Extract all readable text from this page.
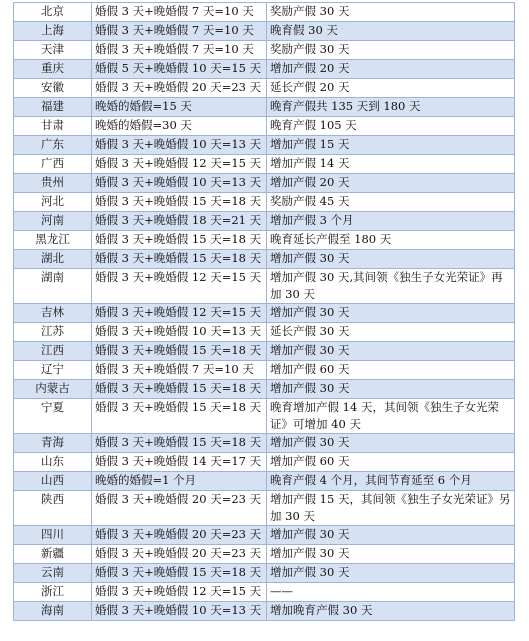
北京	婚假 3 天+晚婚假 7 天=10 天	奖励产假 30 天
上海	婚假 3 天+晚婚假 7 天=10 天	晚育假 30 天
天津	婚假 3 天+晚婚假 7 天=10 天	奖励产假 30 天
重庆	婚假 5 天+晚婚假 10 天=15 天	增加产假 20 天
安徽	婚假 3 天+晚婚假 20 天=23 天	延长产假 20 天
福建	晚婚的婚假=15 天	晚育产假共 135 天到 180 天
甘肃	晚婚的婚假=30 天	晚育产假 105 天
广东	婚假 3 天+晚婚假 10 天=13 天	增加产假 15 天
广西	婚假 3 天+晚婚假 12 天=15 天	增加产假 14 天
贵州	婚假 3 天+晚婚假 10 天=13 天	增加产假 20 天
河北	婚假 3 天+晚婚假 15 天=18 天	奖励产假 45 天
河南	婚假 3 天+晚婚假 18 天=21 天	增加产假 3 个月
黑龙江	婚假 3 天+晚婚假 15 天=18 天	晚育延长产假至 180 天
湖北	婚假 3 天+晚婚假 15 天=18 天	增加产假 30 天
湖南	婚假 3 天+晚婚假 12 天=15 天	增加产假 30 天,其间领《独生子女光荣证》再加 30 天
吉林	婚假 3 天+晚婚假 12 天=15 天	增加产假 30 天
江苏	婚假 3 天+晚婚假 10 天=13 天	延长产假 30 天
江西	婚假 3 天+晚婚假 15 天=18 天	增加产假 30 天
辽宁	婚假 3 天+晚婚假 7 天=10 天	增加产假 60 天
内蒙古	婚假 3 天+晚婚假 15 天=18 天	增加产假 30 天
宁夏	婚假 3 天+晚婚假 15 天=18 天	晚育增加产假 14 天，其间领《独生子女光荣证》可增加 40 天
青海	婚假 3 天+晚婚假 15 天=18 天	增加产假 30 天
山东	婚假 3 天+晚婚假 14 天=17 天	增加产假 60 天
山西	晚婚的婚假=1 个月	晚育产假 4 个月，其间节育延至 6 个月
陕西	婚假 3 天+晚婚假 20 天=23 天	增加产假 15 天，其间领《独生子女光荣证》另加 30 天
四川	婚假 3 天+晚婚假 20 天=23 天	增加产假 30 天
新疆	婚假 3 天+晚婚假 20 天=23 天	增加产假 30 天
云南	婚假 3 天+晚婚假 15 天=18 天	增加产假 30 天
浙江	婚假 3 天+晚婚假 12 天=15 天	——
海南	婚假 3 天+晚婚假 10 天=13 天	增加晚育产假 30 天
